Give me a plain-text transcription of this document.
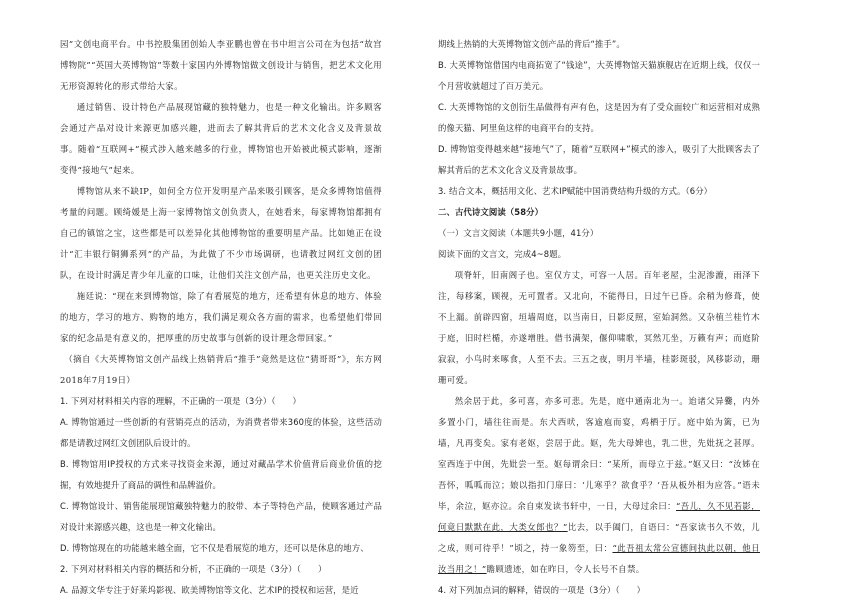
园”文创电商平台。中书控股集团创始人李亚鹏也曾在书中坦言公司在为包括“故宫博物院”“英国大英博物馆”等数十家国内外博物馆做文创设计与销售，把艺术文化用无形资源转化的形式带给大家。

通过销售、设计特色产品展现馆藏的独特魅力，也是一种文化输出。许多顾客会通过产品对设计来源更加感兴趣，进而去了解其背后的艺术文化含义及背景故事。随着“互联网+”模式涉入越来越多的行业，博物馆也开始被此模式影响，逐渐变得“接地气”起来。

博物馆从来不缺IP，如何全方位开发明星产品来吸引顾客，是众多博物馆值得考量的问题。顾绮媛是上海一家博物馆文创负责人，在她看来，每家博物馆都拥有自己的镇馆之宝，这些都是可以差异化其他博物馆的重要明星产品。比如她正在设计“汇丰银行铜狮系列”的产品，为此做了不少市场调研，也请教过网红文创的团队，在设计时满足青少年儿童的口味，让他们关注文创产品，也更关注历史文化。

施廷说：“现在来到博物馆，除了有看展览的地方，还希望有休息的地方、体验的地方，学习的地方、购物的地方，我们满足观众各方面的需求，也希望他们带回家的纪念品是有意义的，把厚重的历史故事与创新的设计理念带回家。”

（摘自《大英博物馆文创产品线上热销背后“推手”竟然是这位“猜哥哥”》，东方网2018年7月19日）

1. 下列对材料相关内容的理解，不正确的一项是（3分）（　　）

A. 博物馆通过一些创新的有营销亮点的活动，为消费者带来360度的体验，这些活动都是请教过网红文创团队后设计的。

B. 博物馆用IP授权的方式来寻找资金来源，通过对藏品学术价值背后商业价值的挖掘，有效地提升了商品的调性和品牌溢价。

C. 博物馆设计、销售能展现馆藏独特魅力的胶带、本子等特色产品，使顾客通过产品对设计来源感兴趣，这也是一种文化输出。

D. 博物馆现在的功能越来越全面，它不仅是看展览的地方，还可以是休息的地方、

2. 下列对材料相关内容的概括和分析，不正确的一项是（3分）（　　）

A. 品源文华专注于好莱坞影视、欧美博物馆等文化、艺术IP的授权和运营，是近

期线上热销的大英博物馆文创产品的背后“推手”。

B. 大英博物馆借国内电商拓宽了“钱途”，大英博物馆天猫旗舰店在近期上线，仅仅一个月营收就超过了百万美元。

C. 大英博物馆的文创衍生品做得有声有色，这是因为有了受众面较广和运营相对成熟的像天猫、阿里鱼这样的电商平台的支持。

D. 博物馆变得越来越“接地气”了，随着“互联网+”模式的渗入，吸引了大批顾客去了解其背后的艺术文化含义及背景故事。

3. 结合文本，概括用文化、艺术IP赋能中国消费结构升级的方式。（6分）

二、古代诗文阅读（58分）

（一）文言文阅读（本题共9小题，41分）

阅读下面的文言文，完成4~8题。

项脊轩，旧南阁子也。室仅方丈，可容一人居。百年老屋，尘泥渗漉，雨泽下注，每移案，顾视，无可置者。又北向，不能得日，日过午已昏。余稍为修葺，使不上漏。前辟四窗，垣墙周庭，以当南日，日影反照，室始洞然。又杂植兰桂竹木于庭，旧时栏楯，亦遂增胜。借书满架，偃仰啸歌，冥然兀坐，万籁有声；而庭阶寂寂，小鸟时来啄食，人至不去。三五之夜，明月半墙，桂影斑驳，风移影动，珊珊可爱。

然余居于此，多可喜，亦多可悲。先是，庭中通南北为一。迨诸父异爨，内外多置小门，墙往往而是。东犬西吠，客逾庖而宴，鸡栖于厅。庭中始为篱，已为墙，凡再变矣。家有老妪，尝居于此。妪，先大母婢也，乳二世，先妣抚之甚厚。室西连于中闺，先妣尝一至。妪每谓余曰：“某所，而母立于兹。”妪又曰：“汝姊在吾怀，呱呱而泣；娘以指扣门扉曰：‘儿寒乎？欲食乎？’吾从板外相为应答。”语未毕，余泣，妪亦泣。余自束发读书轩中，一日，大母过余曰：“吾儿，久不见若影，何竟日默默在此，大类女郎也？”比去，以手阖门，自语曰：“吾家读书久不效，儿之成，则可待乎！”顷之，持一象笏至，曰：“此吾祖太常公宣德间执此以朝，他日汝当用之！”瞻顾遗迹，如在昨日，令人长号不自禁。

4. 对下列加点词的解释，错误的一项是（3分）（　　）
